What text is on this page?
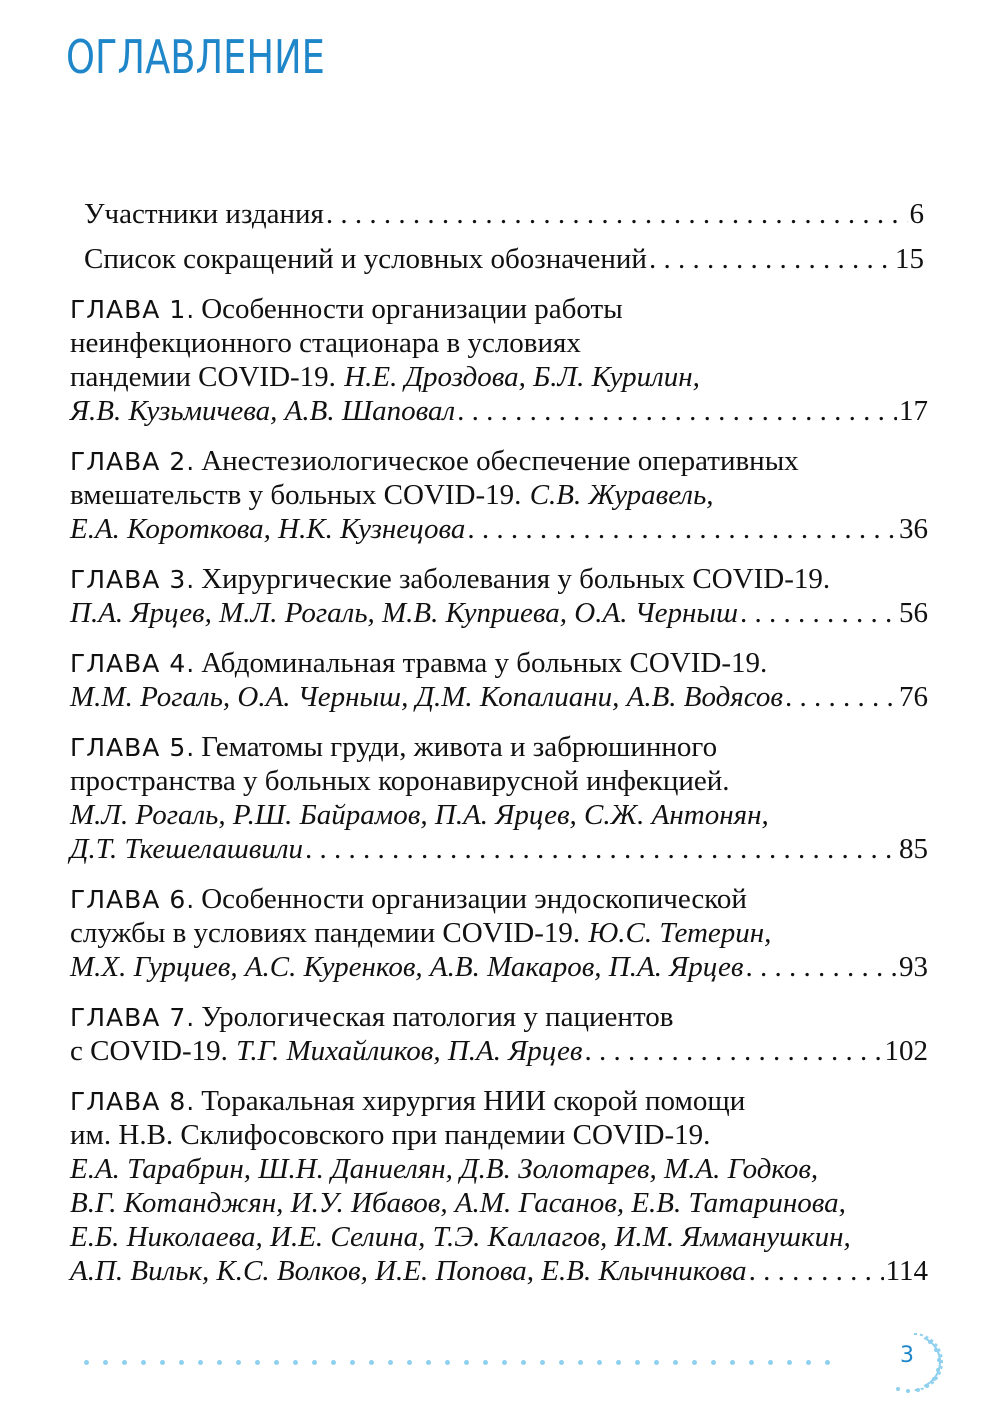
ОГЛАВЛЕНИЕ
Участники издания . . .	6
Список сокращений и условных обозначений . . .	15
ГЛАВА 1. Особенности организации работы
неинфекционного стационара в условиях
пандемии COVID-19.
Н.Е. Дроздова, Б.Л. Курилин,
Я.В. Кузьмичева, А.В. Шаповал . . .	17
ГЛАВА 2. Анестезиологическое обеспечение оперативных
вмешательств у больных COVID-19.
С.В. Журавель,
Е.А. Короткова, Н.К. Кузнецова . . .	36
ГЛАВА 3. Хирургические заболевания у больных COVID-19.
П.А. Ярцев, М.Л. Рогаль, М.В. Куприева, О.А. Черныш . . .	56
ГЛАВА 4. Абдоминальная травма у больных COVID-19.
М.М. Рогаль, О.А. Черныш, Д.М. Копалиани, А.В. Водясов . . .	76
ГЛАВА 5. Гематомы груди, живота и забрюшинного
пространства у больных коронавирусной инфекцией.
М.Л. Рогаль, Р.Ш. Байрамов, П.А. Ярцев, С.Ж. Антонян,
Д.Т. Ткешелашвили . . .	85
ГЛАВА 6. Особенности организации эндоскопической
службы в условиях пандемии COVID-19.
Ю.С. Тетерин,
М.Х. Гурциев, А.С. Куренков, А.В. Макаров, П.А. Ярцев . . .	93
ГЛАВА 7. Урологическая патология у пациентов
с COVID-19.
Т.Г. Михайликов, П.А. Ярцев . . .	102
ГЛАВА 8. Торакальная хирургия НИИ скорой помощи
им. Н.В. Склифосовского при пандемии COVID-19.
Е.А. Тарабрин, Ш.Н. Даниелян, Д.В. Золотарев, М.А. Годков,
В.Г. Котанджян, И.У. Ибавов, А.М. Гасанов, Е.В. Татаринова,
Е.Б. Николаева, И.Е. Селина, Т.Э. Каллагов, И.М. Ямманушкин,
А.П. Вильк, К.С. Волков, И.Е. Попова, Е.В. Клычникова . . .	114
3
